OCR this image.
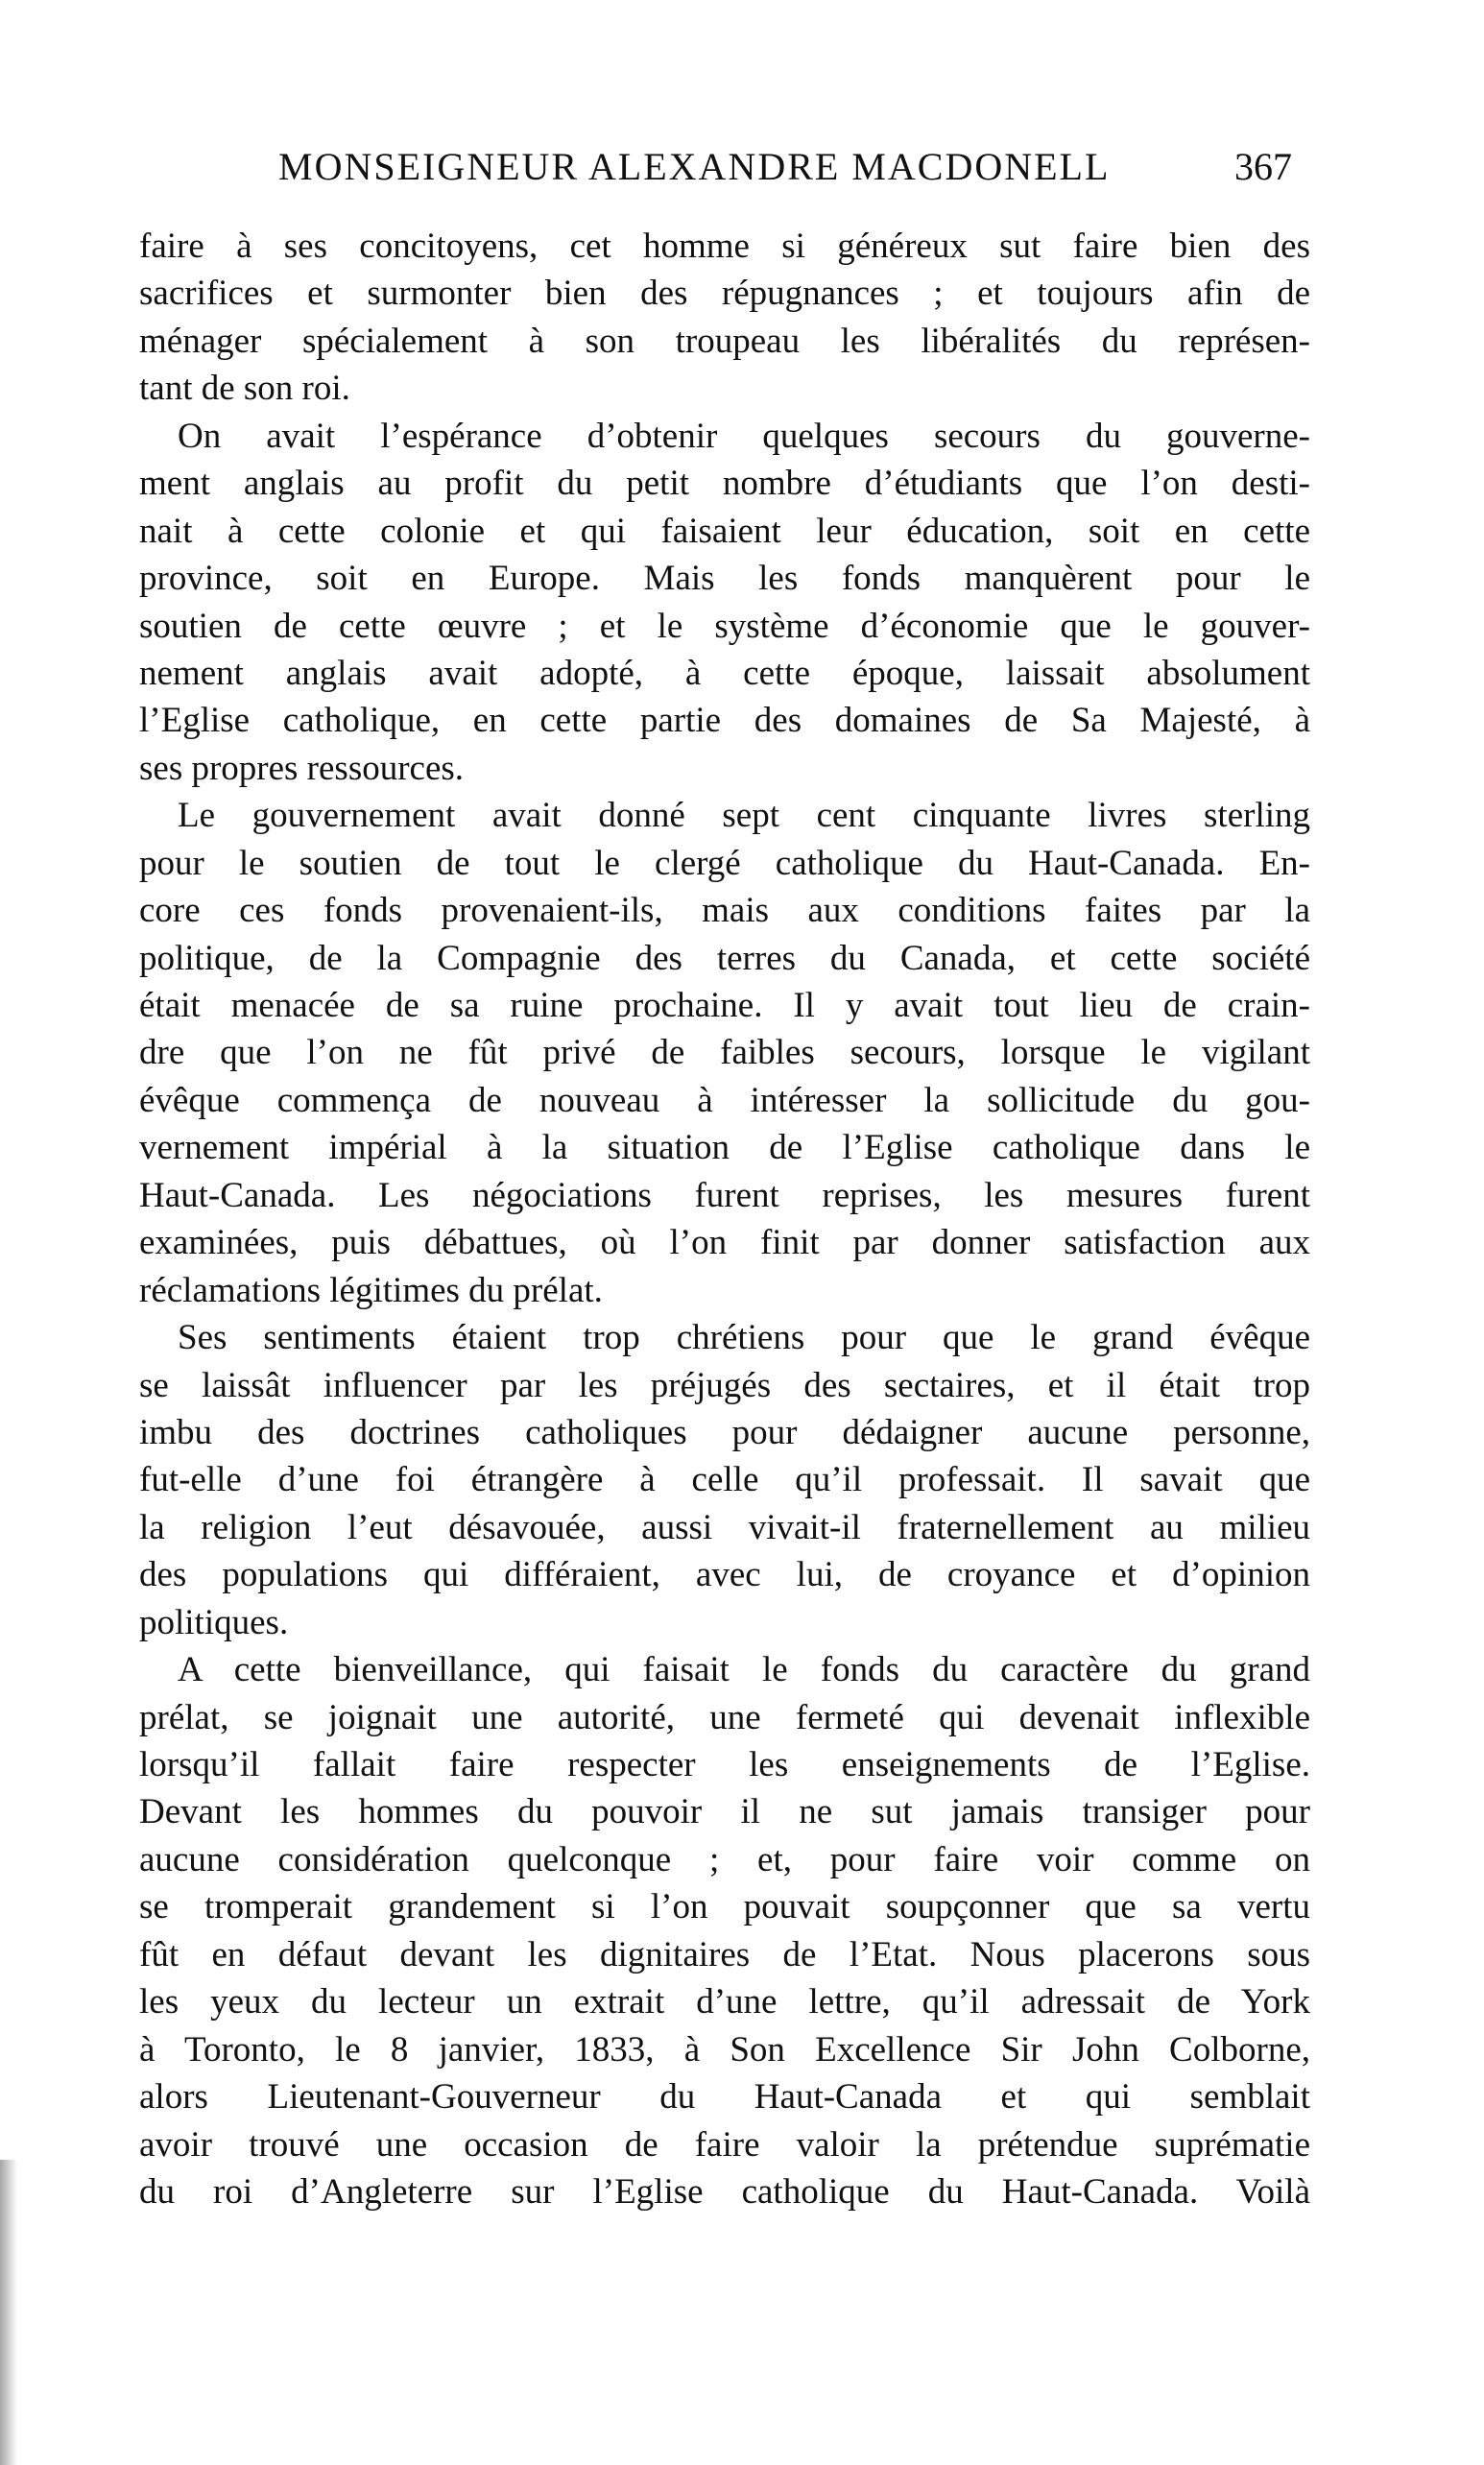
MONSEIGNEUR ALEXANDRE MACDONELL	367
faire à ses concitoyens, cet homme si généreux sut faire bien des
sacrifices et surmonter bien des répugnances ; et toujours afin de
ménager spécialement à son troupeau les libéralités du représen-
tant de son roi.
On avait l’espérance d’obtenir quelques secours du gouverne-
ment anglais au profit du petit nombre d’étudiants que l’on desti-
nait à cette colonie et qui faisaient leur éducation, soit en cette
province, soit en Europe. Mais les fonds manquèrent pour le
soutien de cette œuvre ; et le système d’économie que le gouver-
nement anglais avait adopté, à cette époque, laissait absolument
l’Eglise catholique, en cette partie des domaines de Sa Majesté, à
ses propres ressources.
Le gouvernement avait donné sept cent cinquante livres sterling
pour le soutien de tout le clergé catholique du Haut-Canada. En-
core ces fonds provenaient-ils, mais aux conditions faites par la
politique, de la Compagnie des terres du Canada, et cette société
était menacée de sa ruine prochaine. Il y avait tout lieu de crain-
dre que l’on ne fût privé de faibles secours, lorsque le vigilant
évêque commença de nouveau à intéresser la sollicitude du gou-
vernement impérial à la situation de l’Eglise catholique dans le
Haut-Canada. Les négociations furent reprises, les mesures furent
examinées, puis débattues, où l’on finit par donner satisfaction aux
réclamations légitimes du prélat.
Ses sentiments étaient trop chrétiens pour que le grand évêque
se laissât influencer par les préjugés des sectaires, et il était trop
imbu des doctrines catholiques pour dédaigner aucune personne,
fut-elle d’une foi étrangère à celle qu’il professait. Il savait que
la religion l’eut désavouée, aussi vivait-il fraternellement au milieu
des populations qui différaient, avec lui, de croyance et d’opinion
politiques.
A cette bienveillance, qui faisait le fonds du caractère du grand
prélat, se joignait une autorité, une fermeté qui devenait inflexible
lorsqu’il fallait faire respecter les enseignements de l’Eglise.
Devant les hommes du pouvoir il ne sut jamais transiger pour
aucune considération quelconque ; et, pour faire voir comme on
se tromperait grandement si l’on pouvait soupçonner que sa vertu
fût en défaut devant les dignitaires de l’Etat. Nous placerons sous
les yeux du lecteur un extrait d’une lettre, qu’il adressait de York
à Toronto, le 8 janvier, 1833, à Son Excellence Sir John Colborne,
alors Lieutenant-Gouverneur du Haut-Canada et qui semblait
avoir trouvé une occasion de faire valoir la prétendue suprématie
du roi d’Angleterre sur l’Eglise catholique du Haut-Canada. Voilà
